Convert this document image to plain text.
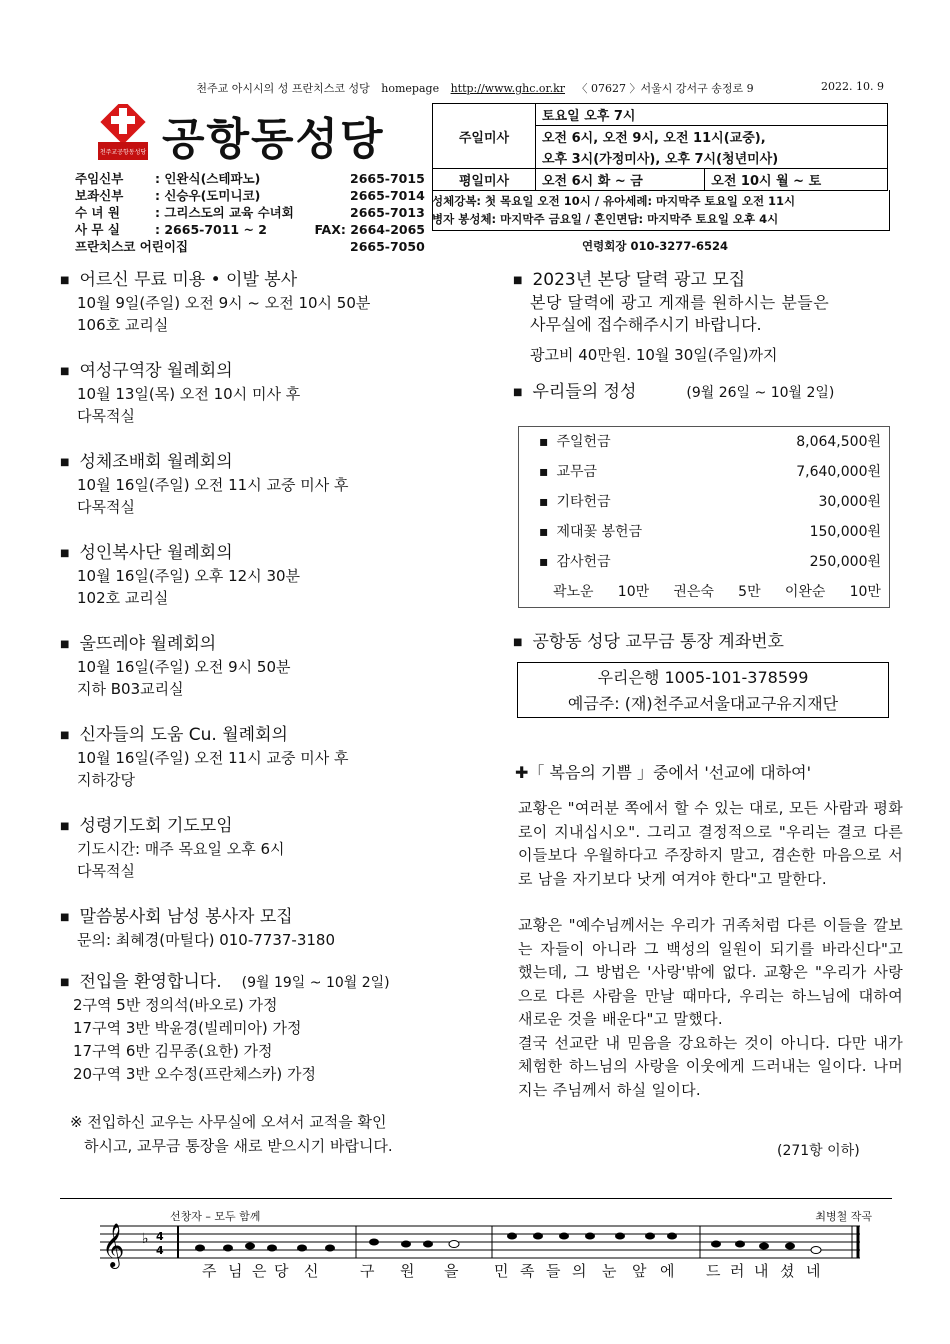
천주교 아시시의 성 프란치스코 성당 homepage http://www.ghc.or.kr 〈 07627 〉서울시 강서구 송정로 9	2022. 10. 9
천주교공항동성당 공항동성당
주임신부	: 인완식(스테파노)	2665-7015
보좌신부	: 신승우(도미니코)	2665-7014
수 녀 원	: 그리스도의 교육 수녀회	2665-7013
사 무 실	: 2665-7011 ~ 2	FAX: 2664-2065
프란치스코 어린이집	2665-7050
주일미사	토요일 오후 7시	
	오전 6시, 오전 9시, 오전 11시(교중),	
	오후 3시(가정미사), 오후 7시(청년미사)	
평일미사	오전 6시 화 ~ 금	오전 10시 월 ~ 토
성체강복: 첫 목요일 오전 10시 / 유아세례: 마지막주 토요일 오전 11시
병자 봉성체: 마지막주 금요일 / 혼인면담: 마지막주 토요일 오후 4시
연령회장 010-3277-6524
■ 어르신 무료 미용 • 이발 봉사
10월 9일(주일) 오전 9시 ~ 오전 10시 50분
106호 교리실
■ 여성구역장 월례회의
10월 13일(목) 오전 10시 미사 후
다목적실
■ 성체조배회 월례회의
10월 16일(주일) 오전 11시 교중 미사 후
다목적실
■ 성인복사단 월례회의
10월 16일(주일) 오후 12시 30분
102호 교리실
■ 울뜨레야 월례회의
10월 16일(주일) 오전 9시 50분
지하 B03교리실
■ 신자들의 도움 Cu. 월례회의
10월 16일(주일) 오전 11시 교중 미사 후
지하강당
■ 성령기도회 기도모임
기도시간: 매주 목요일 오후 6시
다목적실
■ 말씀봉사회 남성 봉사자 모집
문의: 최혜경(마틸다) 010-7737-3180
■ 전입을 환영합니다. (9월 19일 ~ 10월 2일)
2구역 5반 정의석(바오로) 가정
17구역 3반 박윤경(빌레미아) 가정
17구역 6반 김무종(요한) 가정
20구역 3반 오수정(프란체스카) 가정
※ 전입하신 교우는 사무실에 오셔서 교적을 확인
하시고, 교무금 통장을 새로 받으시기 바랍니다.
■ 2023년 본당 달력 광고 모집
본당 달력에 광고 게재를 원하시는 분들은
사무실에 접수해주시기 바랍니다.
광고비 40만원. 10월 30일(주일)까지
■ 우리들의 정성	(9월 26일 ~ 10월 2일)
▪ 주일헌금	8,064,500원
▪ 교무금	7,640,000원
▪ 기타헌금	30,000원
▪ 제대꽃 봉헌금	150,000원
▪ 감사헌금	250,000원
곽노운 10만 권은숙 5만 이완순 10만
■ 공항동 성당 교무금 통장 계좌번호
우리은행 1005-101-378599
예금주: (재)천주교서울대교구유지재단
✚「 복음의 기쁨 」중에서 '선교에 대하여'

교황은 "여러분 쪽에서 할 수 있는 대로, 모든 사람과 평화로이 지내십시오". 그리고 결정적으로 "우리는 결코 다른 이들보다 우월하다고 주장하지 말고, 겸손한 마음으로 서로 남을 자기보다 낫게 여겨야 한다"고 말한다.

교황은 "예수님께서는 우리가 귀족처럼 다른 이들을 깔보는 자들이 아니라 그 백성의 일원이 되기를 바라신다"고 했는데, 그 방법은 '사랑'밖에 없다. 교황은 "우리가 사랑으로 다른 사람을 만날 때마다, 우리는 하느님에 대하여 새로운 것을 배운다"고 말했다.

결국 선교란 내 믿음을 강요하는 것이 아니다. 다만 내가 체험한 하느님의 사랑을 이웃에게 드러내는 일이다. 나머지는 주님께서 하실 일이다.

(271항 이하)
선창자 – 모두 함께	최병철 작곡
𝄞 ♭ 4
4
주 님 은 당 신	구 원 을 민 족 들 의 눈 앞 에 드 러 내 셨 네
